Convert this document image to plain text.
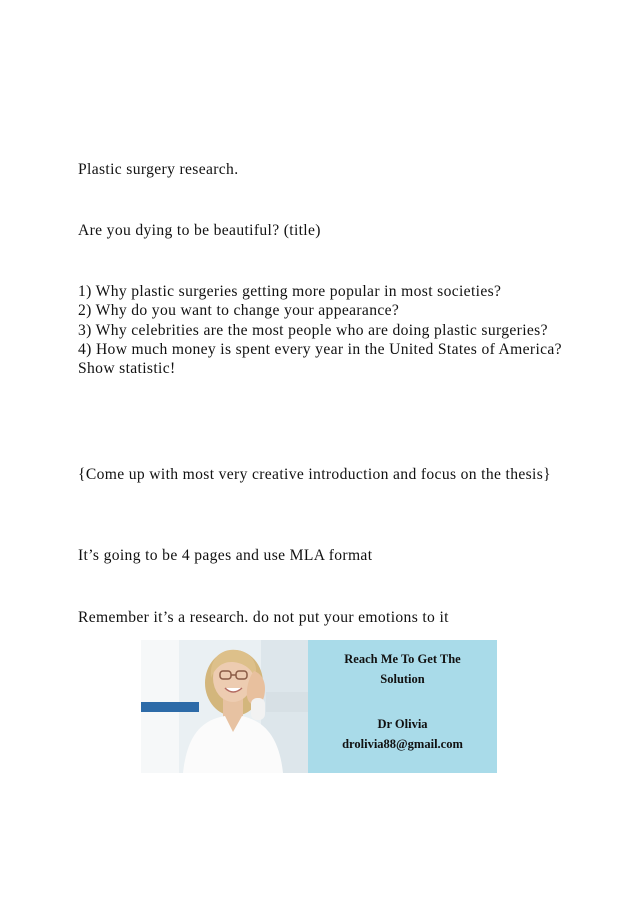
Plastic surgery research.
Are you dying to be beautiful? (title)
1) Why plastic surgeries getting more popular in most societies?
2) Why do you want to change your appearance?
3) Why celebrities are the most people who are doing plastic surgeries?
4) How much money is spent every year in the United States of America? Show statistic!
{Come up with most very creative introduction and focus on the thesis}
It’s going to be 4 pages and use MLA format
Remember it’s a research. do not put your emotions to it
Reach Me To Get The
Solution
Dr Olivia
drolivia88@gmail.com
